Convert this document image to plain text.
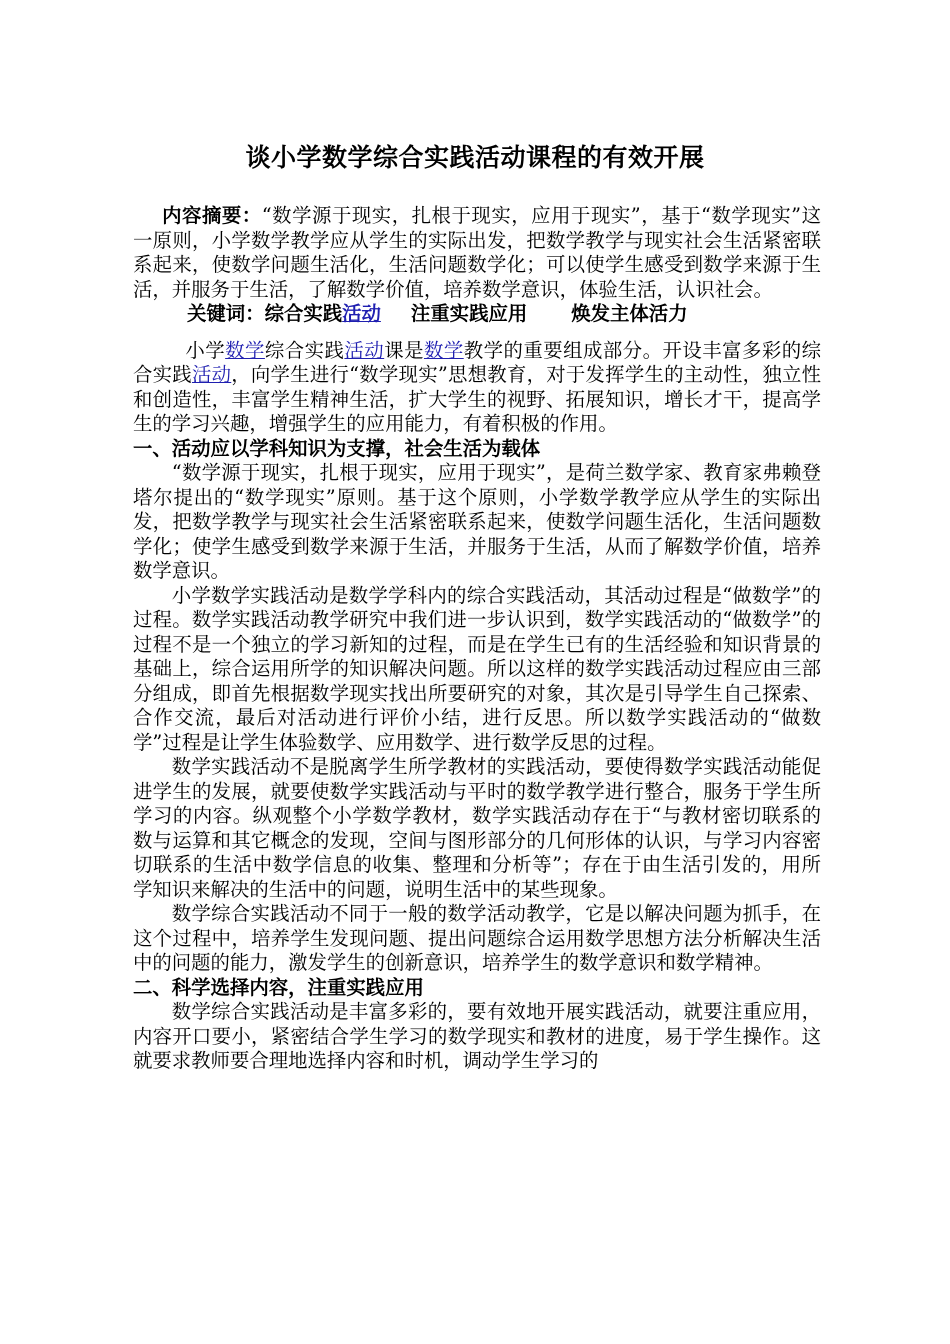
谈小学数学综合实践活动课程的有效开展

内容摘要：“数学源于现实，扎根于现实，应用于现实”，基于“数学现实”这一原则，小学数学教学应从学生的实际出发，把数学教学与现实社会生活紧密联系起来，使数学问题生活化，生活问题数学化；可以使学生感受到数学来源于生活，并服务于生活，了解数学价值，培养数学意识，体验生活，认识社会。

关键词：综合实践活动 注重实践应用 焕发主体活力

小学数学综合实践活动课是数学教学的重要组成部分。开设丰富多彩的综合实践活动，向学生进行“数学现实”思想教育，对于发挥学生的主动性，独立性和创造性，丰富学生精神生活，扩大学生的视野、拓展知识，增长才干，提高学生的学习兴趣，增强学生的应用能力，有着积极的作用。

一、活动应以学科知识为支撑，社会生活为载体

“数学源于现实，扎根于现实，应用于现实”，是荷兰数学家、教育家弗赖登塔尔提出的“数学现实”原则。基于这个原则，小学数学教学应从学生的实际出发，把数学教学与现实社会生活紧密联系起来，使数学问题生活化，生活问题数学化；使学生感受到数学来源于生活，并服务于生活，从而了解数学价值，培养数学意识。

小学数学实践活动是数学学科内的综合实践活动，其活动过程是“做数学”的过程。数学实践活动教学研究中我们进一步认识到，数学实践活动的“做数学”的过程不是一个独立的学习新知的过程，而是在学生已有的生活经验和知识背景的基础上，综合运用所学的知识解决问题。所以这样的数学实践活动过程应由三部分组成，即首先根据数学现实找出所要研究的对象，其次是引导学生自己探索、合作交流，最后对活动进行评价小结，进行反思。所以数学实践活动的“做数学”过程是让学生体验数学、应用数学、进行数学反思的过程。

数学实践活动不是脱离学生所学教材的实践活动，要使得数学实践活动能促进学生的发展，就要使数学实践活动与平时的数学教学进行整合，服务于学生所学习的内容。纵观整个小学数学教材，数学实践活动存在于“与教材密切联系的数与运算和其它概念的发现，空间与图形部分的几何形体的认识，与学习内容密切联系的生活中数学信息的收集、整理和分析等”；存在于由生活引发的，用所学知识来解决的生活中的问题，说明生活中的某些现象。

数学综合实践活动不同于一般的数学活动教学，它是以解决问题为抓手，在这个过程中，培养学生发现问题、提出问题综合运用数学思想方法分析解决生活中的问题的能力，激发学生的创新意识，培养学生的数学意识和数学精神。

二、科学选择内容，注重实践应用

数学综合实践活动是丰富多彩的，要有效地开展实践活动，就要注重应用，内容开口要小，紧密结合学生学习的数学现实和教材的进度，易于学生操作。这就要求教师要合理地选择内容和时机，调动学生学习的
